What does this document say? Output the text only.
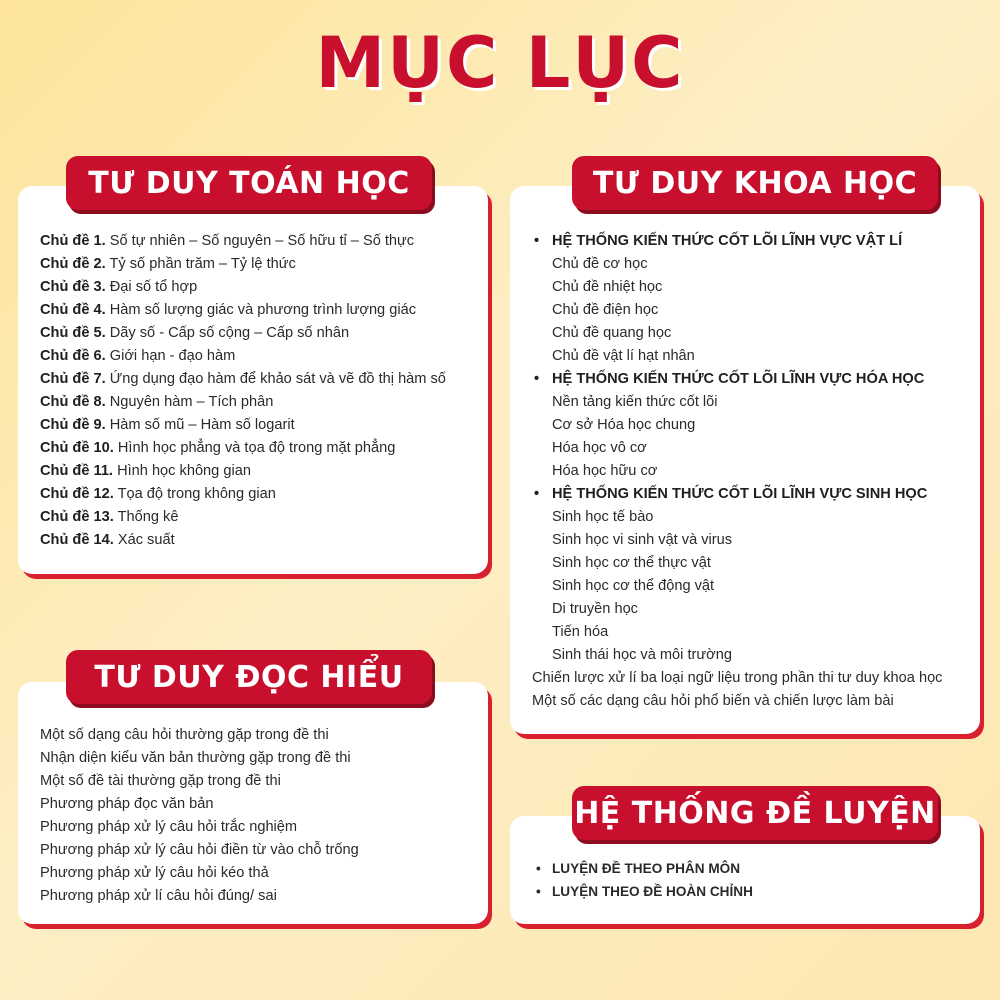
MỤC LỤC
Chủ đề 1. Số tự nhiên – Số nguyên – Số hữu tỉ – Số thực
Chủ đề 2. Tỷ số phần trăm – Tỷ lệ thức
Chủ đề 3. Đại số tổ hợp
Chủ đề 4. Hàm số lượng giác và phương trình lượng giác
Chủ đề 5. Dãy số - Cấp số cộng – Cấp số nhân
Chủ đề 6. Giới hạn - đạo hàm
Chủ đề 7. Ứng dụng đạo hàm để khảo sát và vẽ đồ thị hàm số
Chủ đề 8. Nguyên hàm – Tích phân
Chủ đề 9. Hàm số mũ – Hàm số logarit
Chủ đề 10. Hình học phẳng và tọa độ trong mặt phẳng
Chủ đề 11. Hình học không gian
Chủ đề 12. Tọa độ trong không gian
Chủ đề 13. Thống kê
Chủ đề 14. Xác suất
TƯ DUY TOÁN HỌC
Một số dạng câu hỏi thường gặp trong đề thi
Nhận diện kiểu văn bản thường gặp trong đề thi
Một số đề tài thường gặp trong đề thi
Phương pháp đọc văn bản
Phương pháp xử lý câu hỏi trắc nghiệm
Phương pháp xử lý câu hỏi điền từ vào chỗ trống
Phương pháp xử lý câu hỏi kéo thả
Phương pháp xử lí câu hỏi đúng/ sai
TƯ DUY ĐỌC HIỂU
• HỆ THỐNG KIẾN THỨC CỐT LÕI LĨNH VỰC VẬT LÍ
Chủ đề cơ học
Chủ đề nhiệt học
Chủ đề điện học
Chủ đề quang học
Chủ đề vật lí hạt nhân
• HỆ THỐNG KIẾN THỨC CỐT LÕI LĨNH VỰC HÓA HỌC
Nền tảng kiến thức cốt lõi
Cơ sở Hóa học chung
Hóa học vô cơ
Hóa học hữu cơ
• HỆ THỐNG KIẾN THỨC CỐT LÕI LĨNH VỰC SINH HỌC
Sinh học tế bào
Sinh học vi sinh vật và virus
Sinh học cơ thể thực vật
Sinh học cơ thể động vật
Di truyền học
Tiến hóa
Sinh thái học và môi trường
Chiến lược xử lí ba loại ngữ liệu trong phần thi tư duy khoa học
Một số các dạng câu hỏi phổ biến và chiến lược làm bài
TƯ DUY KHOA HỌC
• LUYỆN ĐỀ THEO PHÂN MÔN
• LUYỆN THEO ĐỀ HOÀN CHỈNH
HỆ THỐNG ĐỀ LUYỆN
